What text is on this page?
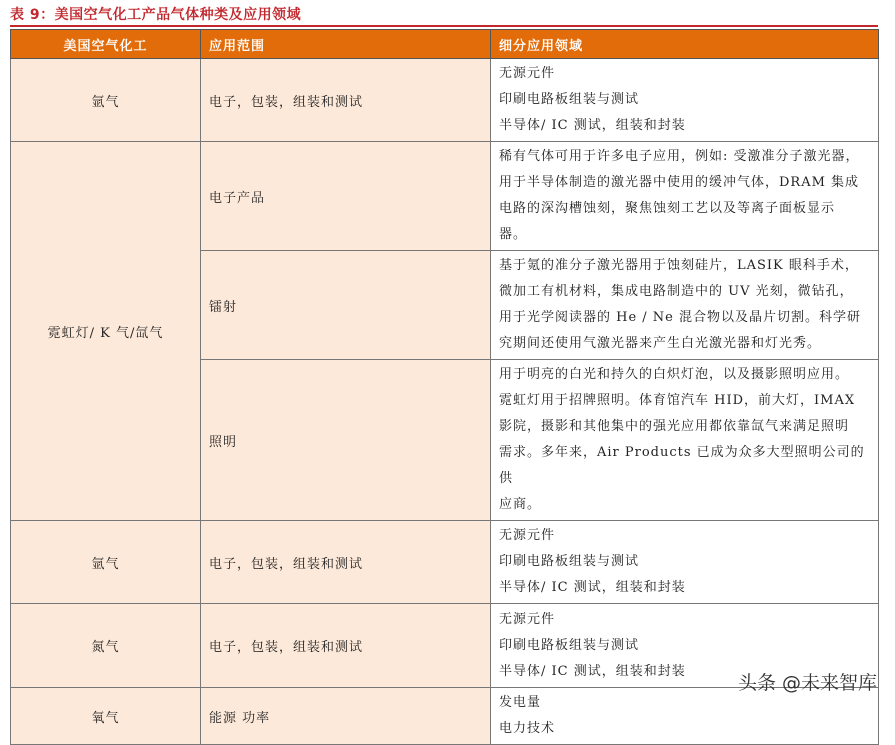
表 9：美国空气化工产品气体种类及应用领域
美国空气化工	应用范围	细分应用领域
氩气	电子，包装，组装和测试	无源元件
印刷电路板组装与测试
半导体/ IC 测试，组装和封装

霓虹灯/ K 气/氙气	电子产品	稀有气体可用于许多电子应用，例如: 受激准分子激光器，
用于半导体制造的激光器中使用的缓冲气体，DRAM 集成
电路的深沟槽蚀刻，聚焦蚀刻工艺以及等离子面板显示
器。

	镭射	基于氪的准分子激光器用于蚀刻硅片，LASIK 眼科手术，
微加工有机材料，集成电路制造中的 UV 光刻，微钻孔，
用于光学阅读器的 He / Ne 混合物以及晶片切割。科学研
究期间还使用气激光器来产生白光激光器和灯光秀。

	照明	用于明亮的白光和持久的白炽灯泡，以及摄影照明应用。
霓虹灯用于招牌照明。体育馆汽车 HID，前大灯，IMAX
影院，摄影和其他集中的强光应用都依靠氙气来满足照明
需求。多年来，Air Products 已成为众多大型照明公司的供
应商。

氩气	电子，包装，组装和测试	无源元件
印刷电路板组装与测试
半导体/ IC 测试，组装和封装

氮气	电子，包装，组装和测试	无源元件
印刷电路板组装与测试
半导体/ IC 测试，组装和封装

氧气	能源 功率	发电量
电力技术
头条 @未来智库
